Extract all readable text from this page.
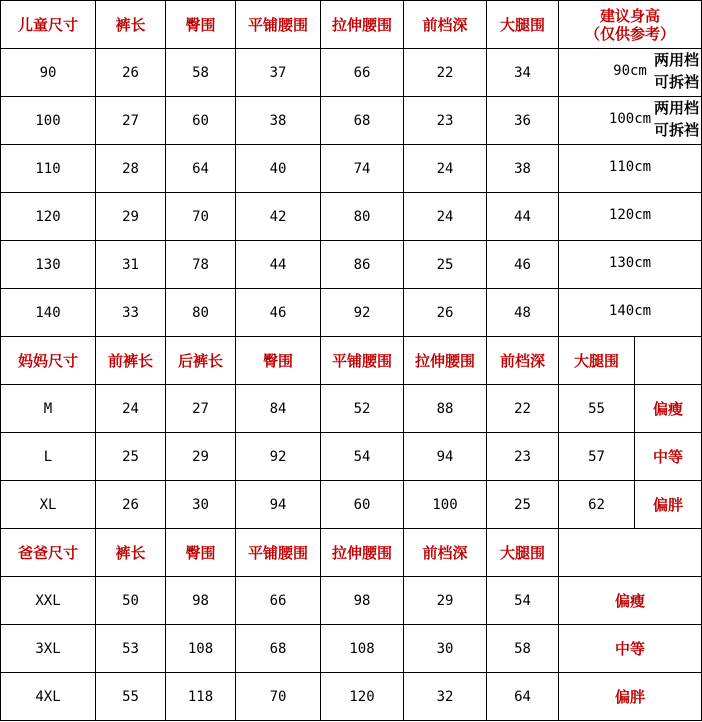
儿童尺寸	裤长	臀围	平铺腰围	拉伸腰围	前档深	大腿围	建议身高
（仅供参考）	

90	26	58	37	66	22	34	90cm
两用档
可拆裆	

100	27	60	38	68	23	36	100cm
两用档
可拆裆	

110	28	64	40	74	24	38	110cm	

120	29	70	42	80	24	44	120cm	

130	31	78	44	86	25	46	130cm	

140	33	80	46	92	26	48	140cm	

妈妈尺寸	前裤长	后裤长	臀围	平铺腰围	拉伸腰围	前档深	大腿围	
M	24	27	84	52	88	22	55	偏瘦
L	25	29	92	54	94	23	57	中等
XL	26	30	94	60	100	25	62	偏胖
爸爸尺寸	裤长	臀围	平铺腰围	拉伸腰围	前档深	大腿围		
XXL	50	98	66	98	29	54	偏瘦	
3XL	53	108	68	108	30	58	中等	
4XL	55	118	70	120	32	64	偏胖	
